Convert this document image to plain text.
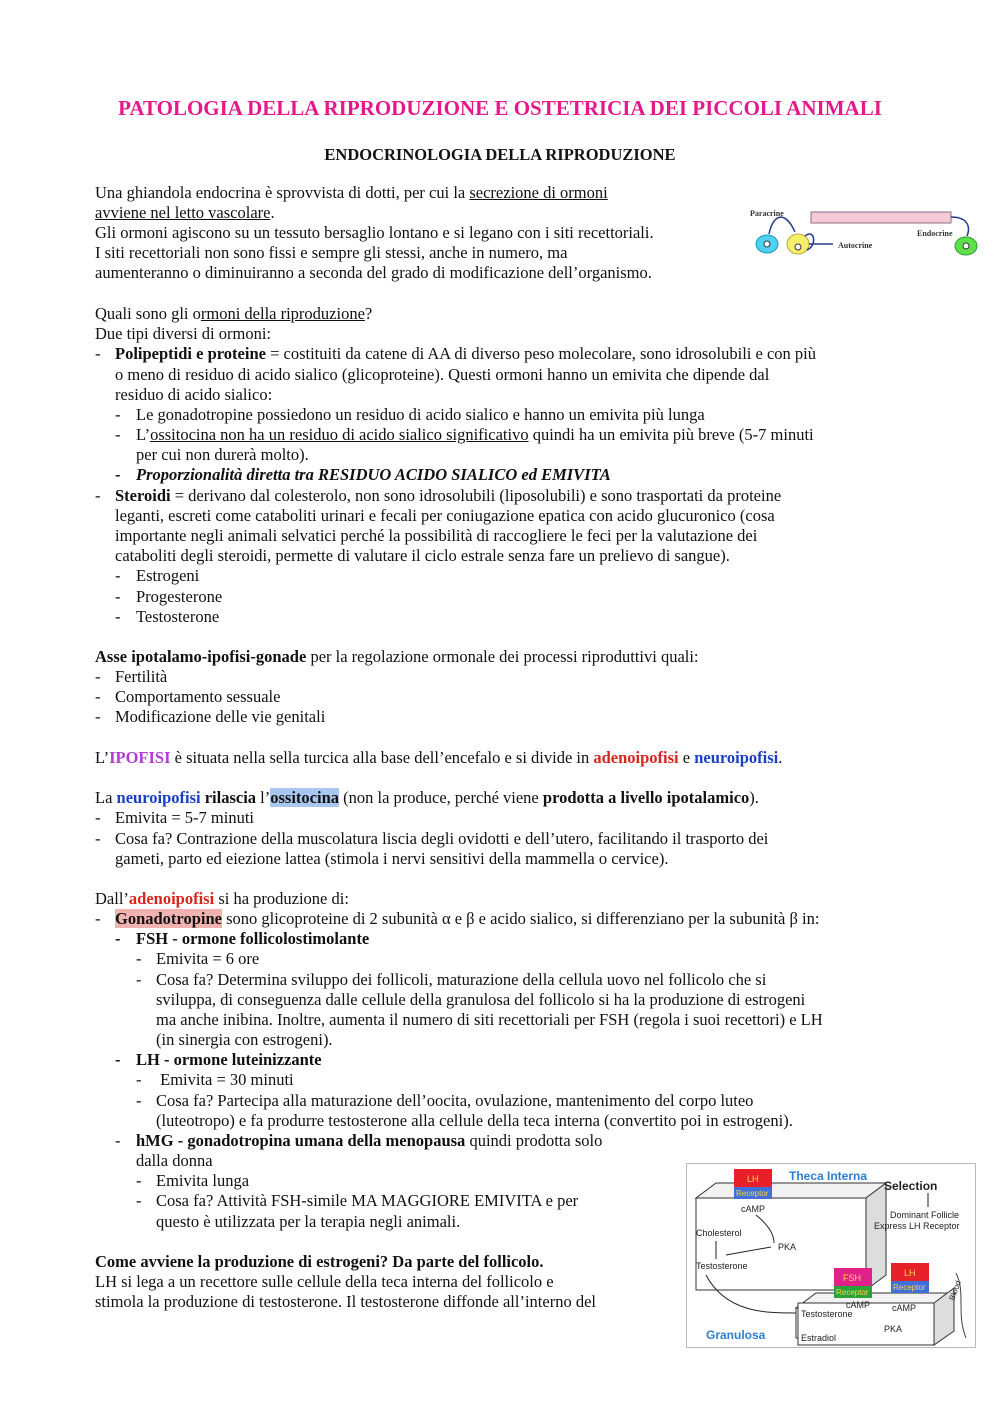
PATOLOGIA DELLA RIPRODUZIONE E OSTETRICIA DEI PICCOLI ANIMALI
ENDOCRINOLOGIA DELLA RIPRODUZIONE
Una ghiandola endocrina è sprovvista di dotti, per cui la secrezione di ormoni
avviene nel letto vascolare.
Gli ormoni agiscono su un tessuto bersaglio lontano e si legano con i siti recettoriali.
I siti recettoriali non sono fissi e sempre gli stessi, anche in numero, ma
aumenteranno o diminuiranno a seconda del grado di modificazione dell’organismo.
Paracrine
Autocrine
Endocrine
Quali sono gli ormoni della riproduzione?
Due tipi diversi di ormoni:
- Polipeptidi e proteine = costituiti da catene di AA di diverso peso molecolare, sono idrosolubili e con più
o meno di residuo di acido sialico (glicoproteine). Questi ormoni hanno un emivita che dipende dal
residuo di acido sialico:
- Le gonadotropine possiedono un residuo di acido sialico e hanno un emivita più lunga
- L’ossitocina non ha un residuo di acido sialico significativo quindi ha un emivita più breve (5-7 minuti
per cui non durerà molto).
- Proporzionalità diretta tra RESIDUO ACIDO SIALICO ed EMIVITA
- Steroidi = derivano dal colesterolo, non sono idrosolubili (liposolubili) e sono trasportati da proteine
leganti, escreti come cataboliti urinari e fecali per coniugazione epatica con acido glucuronico (cosa
importante negli animali selvatici perché la possibilità di raccogliere le feci per la valutazione dei
cataboliti degli steroidi, permette di valutare il ciclo estrale senza fare un prelievo di sangue).
- Estrogeni
- Progesterone
- Testosterone
Asse ipotalamo-ipofisi-gonade per la regolazione ormonale dei processi riproduttivi quali:
- Fertilità
- Comportamento sessuale
- Modificazione delle vie genitali
L’IPOFISI è situata nella sella turcica alla base dell’encefalo e si divide in adenoipofisi e neuroipofisi.
La neuroipofisi rilascia l’ossitocina (non la produce, perché viene prodotta a livello ipotalamico).
- Emivita = 5-7 minuti
- Cosa fa? Contrazione della muscolatura liscia degli ovidotti e dell’utero, facilitando il trasporto dei
gameti, parto ed eiezione lattea (stimola i nervi sensitivi della mammella o cervice).
Dall’adenoipofisi si ha produzione di:
- Gonadotropine sono glicoproteine di 2 subunità α e β e acido sialico, si differenziano per la subunità β in:
- FSH - ormone follicolostimolante
- Emivita = 6 ore
- Cosa fa? Determina sviluppo dei follicoli, maturazione della cellula uovo nel follicolo che si
sviluppa, di conseguenza dalle cellule della granulosa del follicolo si ha la produzione di estrogeni
ma anche inibina. Inoltre, aumenta il numero di siti recettoriali per FSH (regola i suoi recettori) e LH
(in sinergia con estrogeni).
- LH - ormone luteinizzante
- Emivita = 30 minuti
- Cosa fa? Partecipa alla maturazione dell’oocita, ovulazione, mantenimento del corpo luteo
(luteotropo) e fa produrre testosterone alla cellule della teca interna (convertito poi in estrogeni).
- hMG - gonadotropina umana della menopausa quindi prodotta solo
dalla donna
- Emivita lunga
- Cosa fa? Attività FSH-simile MA MAGGIORE EMIVITA e per
questo è utilizzata per la terapia negli animali.
Come avviene la produzione di estrogeni? Da parte del follicolo.
LH si lega a un recettore sulle cellule della teca interna del follicolo e
stimola la produzione di testosterone. Il testosterone diffonde all’interno del
LH
Receptor
Theca Interna
Selection
cAMP
Cholesterol
PKA
Testosterone
Dominant Follicle
Express LH Receptor
FSH
Receptor
LH
Receptor
cAMP cAMP
Testosterone
PKA
Estradiol
Granulosa
Blood
